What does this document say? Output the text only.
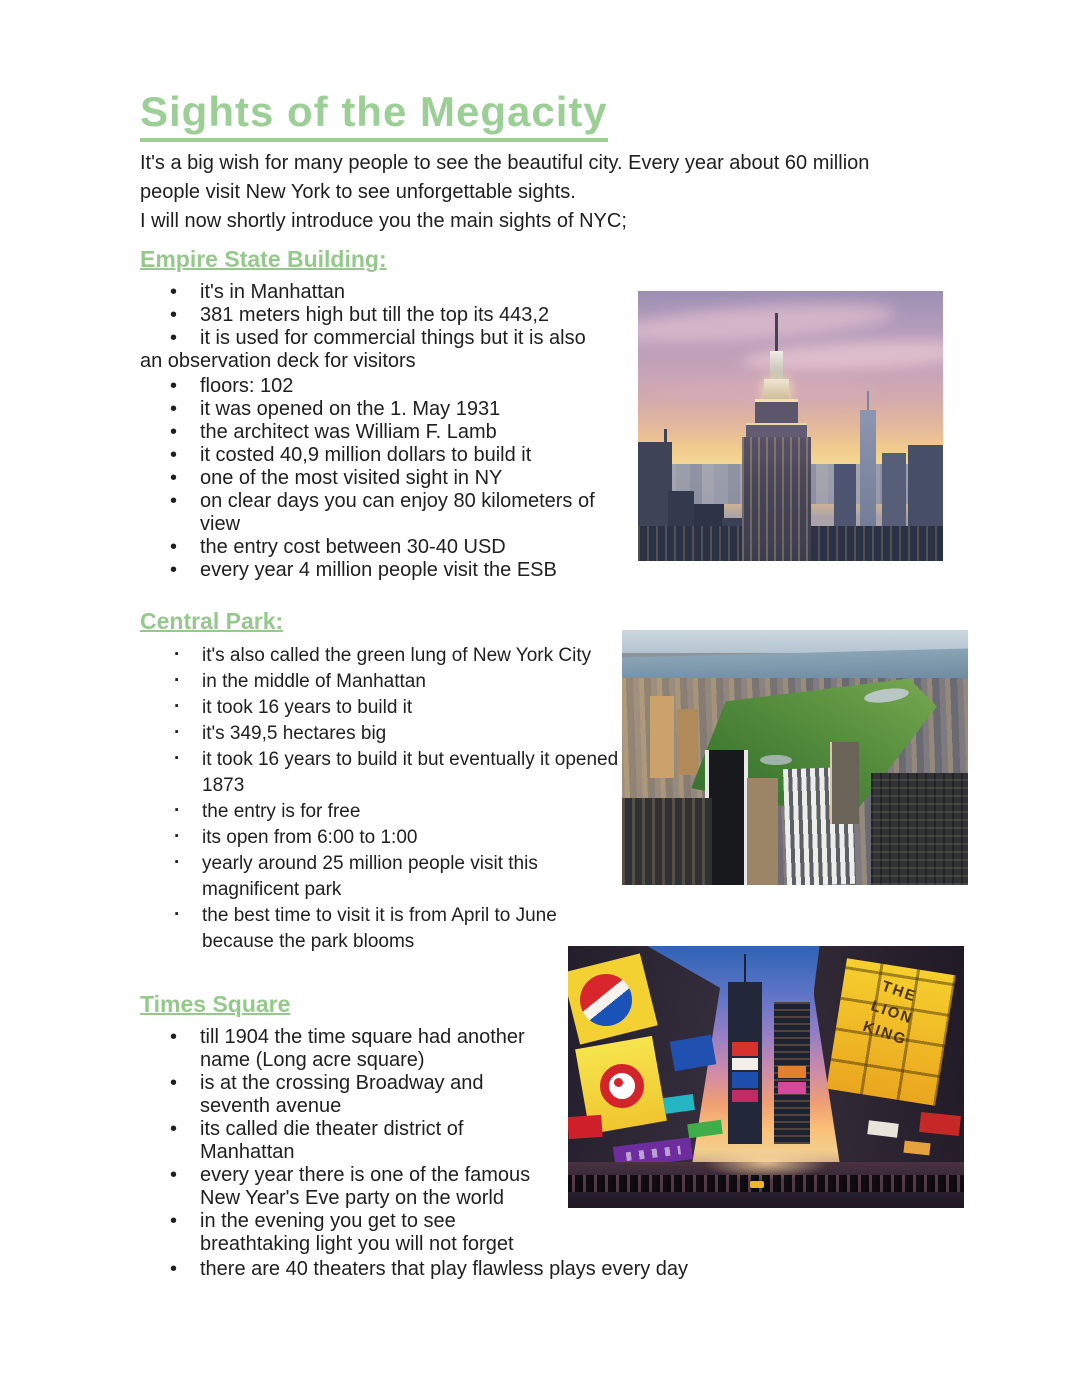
Sights of the Megacity

It's a big wish for many people to see the beautiful city. Every year about 60 million people visit New York to see unforgettable sights.

I will now shortly introduce you the main sights of NYC;

Empire State Building:
• it's in Manhattan
• 381 meters high but till the top its 443,2
• it is used for commercial things but it is also

an observation deck for visitors

• floors: 102
• it was opened on the 1. May 1931
• the architect was William F. Lamb
• it costed 40,9 million dollars to build it
• one of the most visited sight in NY
• on clear days you can enjoy 80 kilometers of view
• the entry cost between 30-40 USD
• every year 4 million people visit the ESB
Central Park:
· it's also called the green lung of New York City
· in the middle of Manhattan
· it took 16 years to build it
· it's 349,5 hectares big
· it took 16 years to build it but eventually it opened 1873
· the entry is for free
· its open from 6:00 to 1:00
· yearly around 25 million people visit this magnificent park
· the best time to visit it is from April to June because the park blooms
Times Square
• till 1904 the time square had another name (Long acre square)
• is at the crossing Broadway and seventh avenue
• its called die theater district of Manhattan
• every year there is one of the famous New Year's Eve party on the world
• in the evening you get to see breathtaking light you will not forget
• there are 40 theaters that play flawless plays every day
THE LION KING
